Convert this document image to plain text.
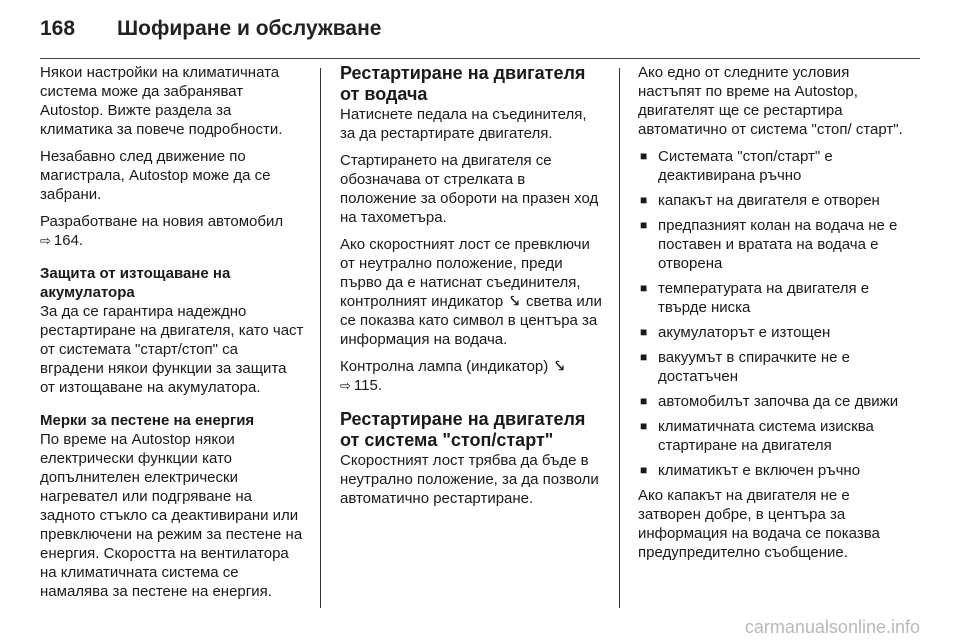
168 Шофиране и обслужване

Някои настройки на климатичната система може да забраняват Autostop. Вижте раздела за климатика за повече подробности.

Незабавно след движение по магистрала, Autostop може да се забрани.

Разработване на новия автомобил ⇨ 164.

Защита от изтощаване на акумулатора

За да се гарантира надеждно рестартиране на двигателя, като част от системата "старт/стоп" са вградени някои функции за защита от изтощаване на акумулатора.

Мерки за пестене на енергия

По време на Autostop някои електрически функции като допълнителен електрически нагревател или подгряване на задното стъкло са деактивирани или превключени на режим за пестене на енергия. Скоростта на вентилатора на климатичната система се намалява за пестене на енергия.

Рестартиране на двигателя от водача

Натиснете педала на съединителя, за да рестартирате двигателя.

Стартирането на двигателя се обозначава от стрелката в положение за обороти на празен ход на тахометъра.

Ако скоростният лост се превключи от неутрално положение, преди първо да е натиснат съединителя, контролният индикатор ⤥ светва или се показва като символ в центъра за информация на водача.

Контролна лампа (индикатор) ⤥
⇨ 115.

Рестартиране на двигателя от системa "стоп/старт"

Скоростният лост трябва да бъде в неутрално положение, за да позволи автоматично рестартиране.

Ако едно от следните условия настъпят по време на Autostop, двигателят ще се рестартира автоматично от система "стоп/ старт".

■ Системата "стоп/старт" е деактивирана ръчно
■ капакът на двигателя е отворен
■ предпазният колан на водача не е поставен и вратата на водача е отворена
■ температурата на двигателя е твърде ниска
■ акумулаторът е изтощен
■ вакуумът в спирачките не е достатъчен
■ автомобилът започва да се движи
■ климатичната система изисква стартиране на двигателя
■ климатикът е включен ръчно

Ако капакът на двигателя не е затворен добре, в центъра за информация на водача се показва предупредително съобщение.

carmanualsonline.info
